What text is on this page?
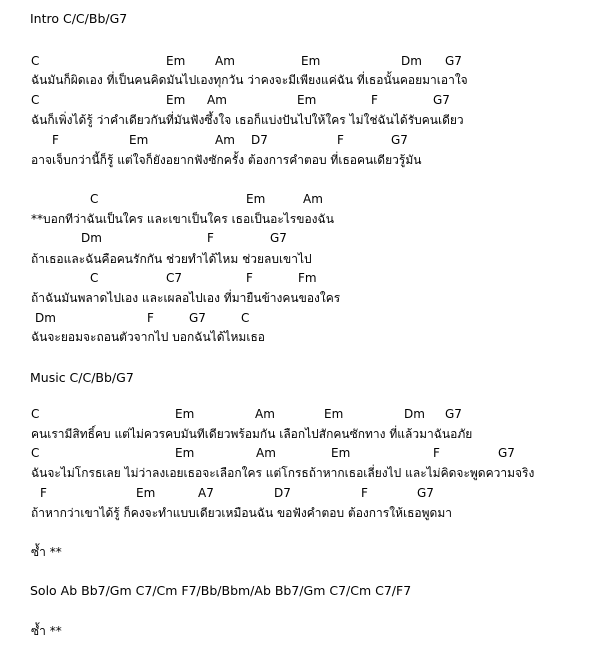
Intro C/C/Bb/G7
C	Em Am	Em	Dm G7
ฉันมันก็ผิดเอง ที่เป็นคนคิดมันไปเองทุกวัน ว่าคงจะมีเพียงแค่ฉัน ที่เธอนั้นคอยมาเอาใจ
C	Em Am	Em	F	G7
ฉันก็เพิ่งได้รู้ ว่าคำเดียวกันที่มันฟังซึ้งใจ เธอก็แบ่งปันไปให้ใคร ไม่ใช่ฉันได้รับคนเดียว
F	Em	Am D7	F	G7
อาจเจ็บกว่านี้ก็รู้ แต่ใจก็ยังอยากฟังซักครั้ง ต้องการคำตอบ ที่เธอคนเดียวรู้มัน
C	Em	Am
**บอกทีว่าฉันเป็นใคร และเขาเป็นใคร เธอเป็นอะไรของฉัน
Dm	F	G7
ถ้าเธอและฉันคือคนรักกัน ช่วยทำได้ไหม ช่วยลบเขาไป
C	C7	F	Fm
ถ้าฉันมันพลาดไปเอง และเผลอไปเอง ที่มายืนข้างคนของใคร
Dm	F	G7	C
ฉันจะยอมจะถอนตัวจากไป บอกฉันได้ไหมเธอ
Music C/C/Bb/G7
C	Em	Am	Em	Dm G7
คนเรามีสิทธิ์คบ แต่ไม่ควรคบมันทีเดียวพร้อมกัน เลือกไปสักคนซักทาง ที่แล้วมาฉันอภัย
C	Em	Am	Em	F	G7
ฉันจะไม่โกรธเลย ไม่ว่าลงเอยเธอจะเลือกใคร แต่โกรธถ้าหากเธอเลี่ยงไป และไม่คิดจะพูดความจริง
F	Em	A7	D7	F	G7
ถ้าหากว่าเขาได้รู้ ก็คงจะทำแบบเดียวเหมือนฉัน ขอฟังคำตอบ ต้องการให้เธอพูดมา
ซ้ำ **
Solo Ab Bb7/Gm C7/Cm F7/Bb/Bbm/Ab Bb7/Gm C7/Cm C7/F7
ซ้ำ **
